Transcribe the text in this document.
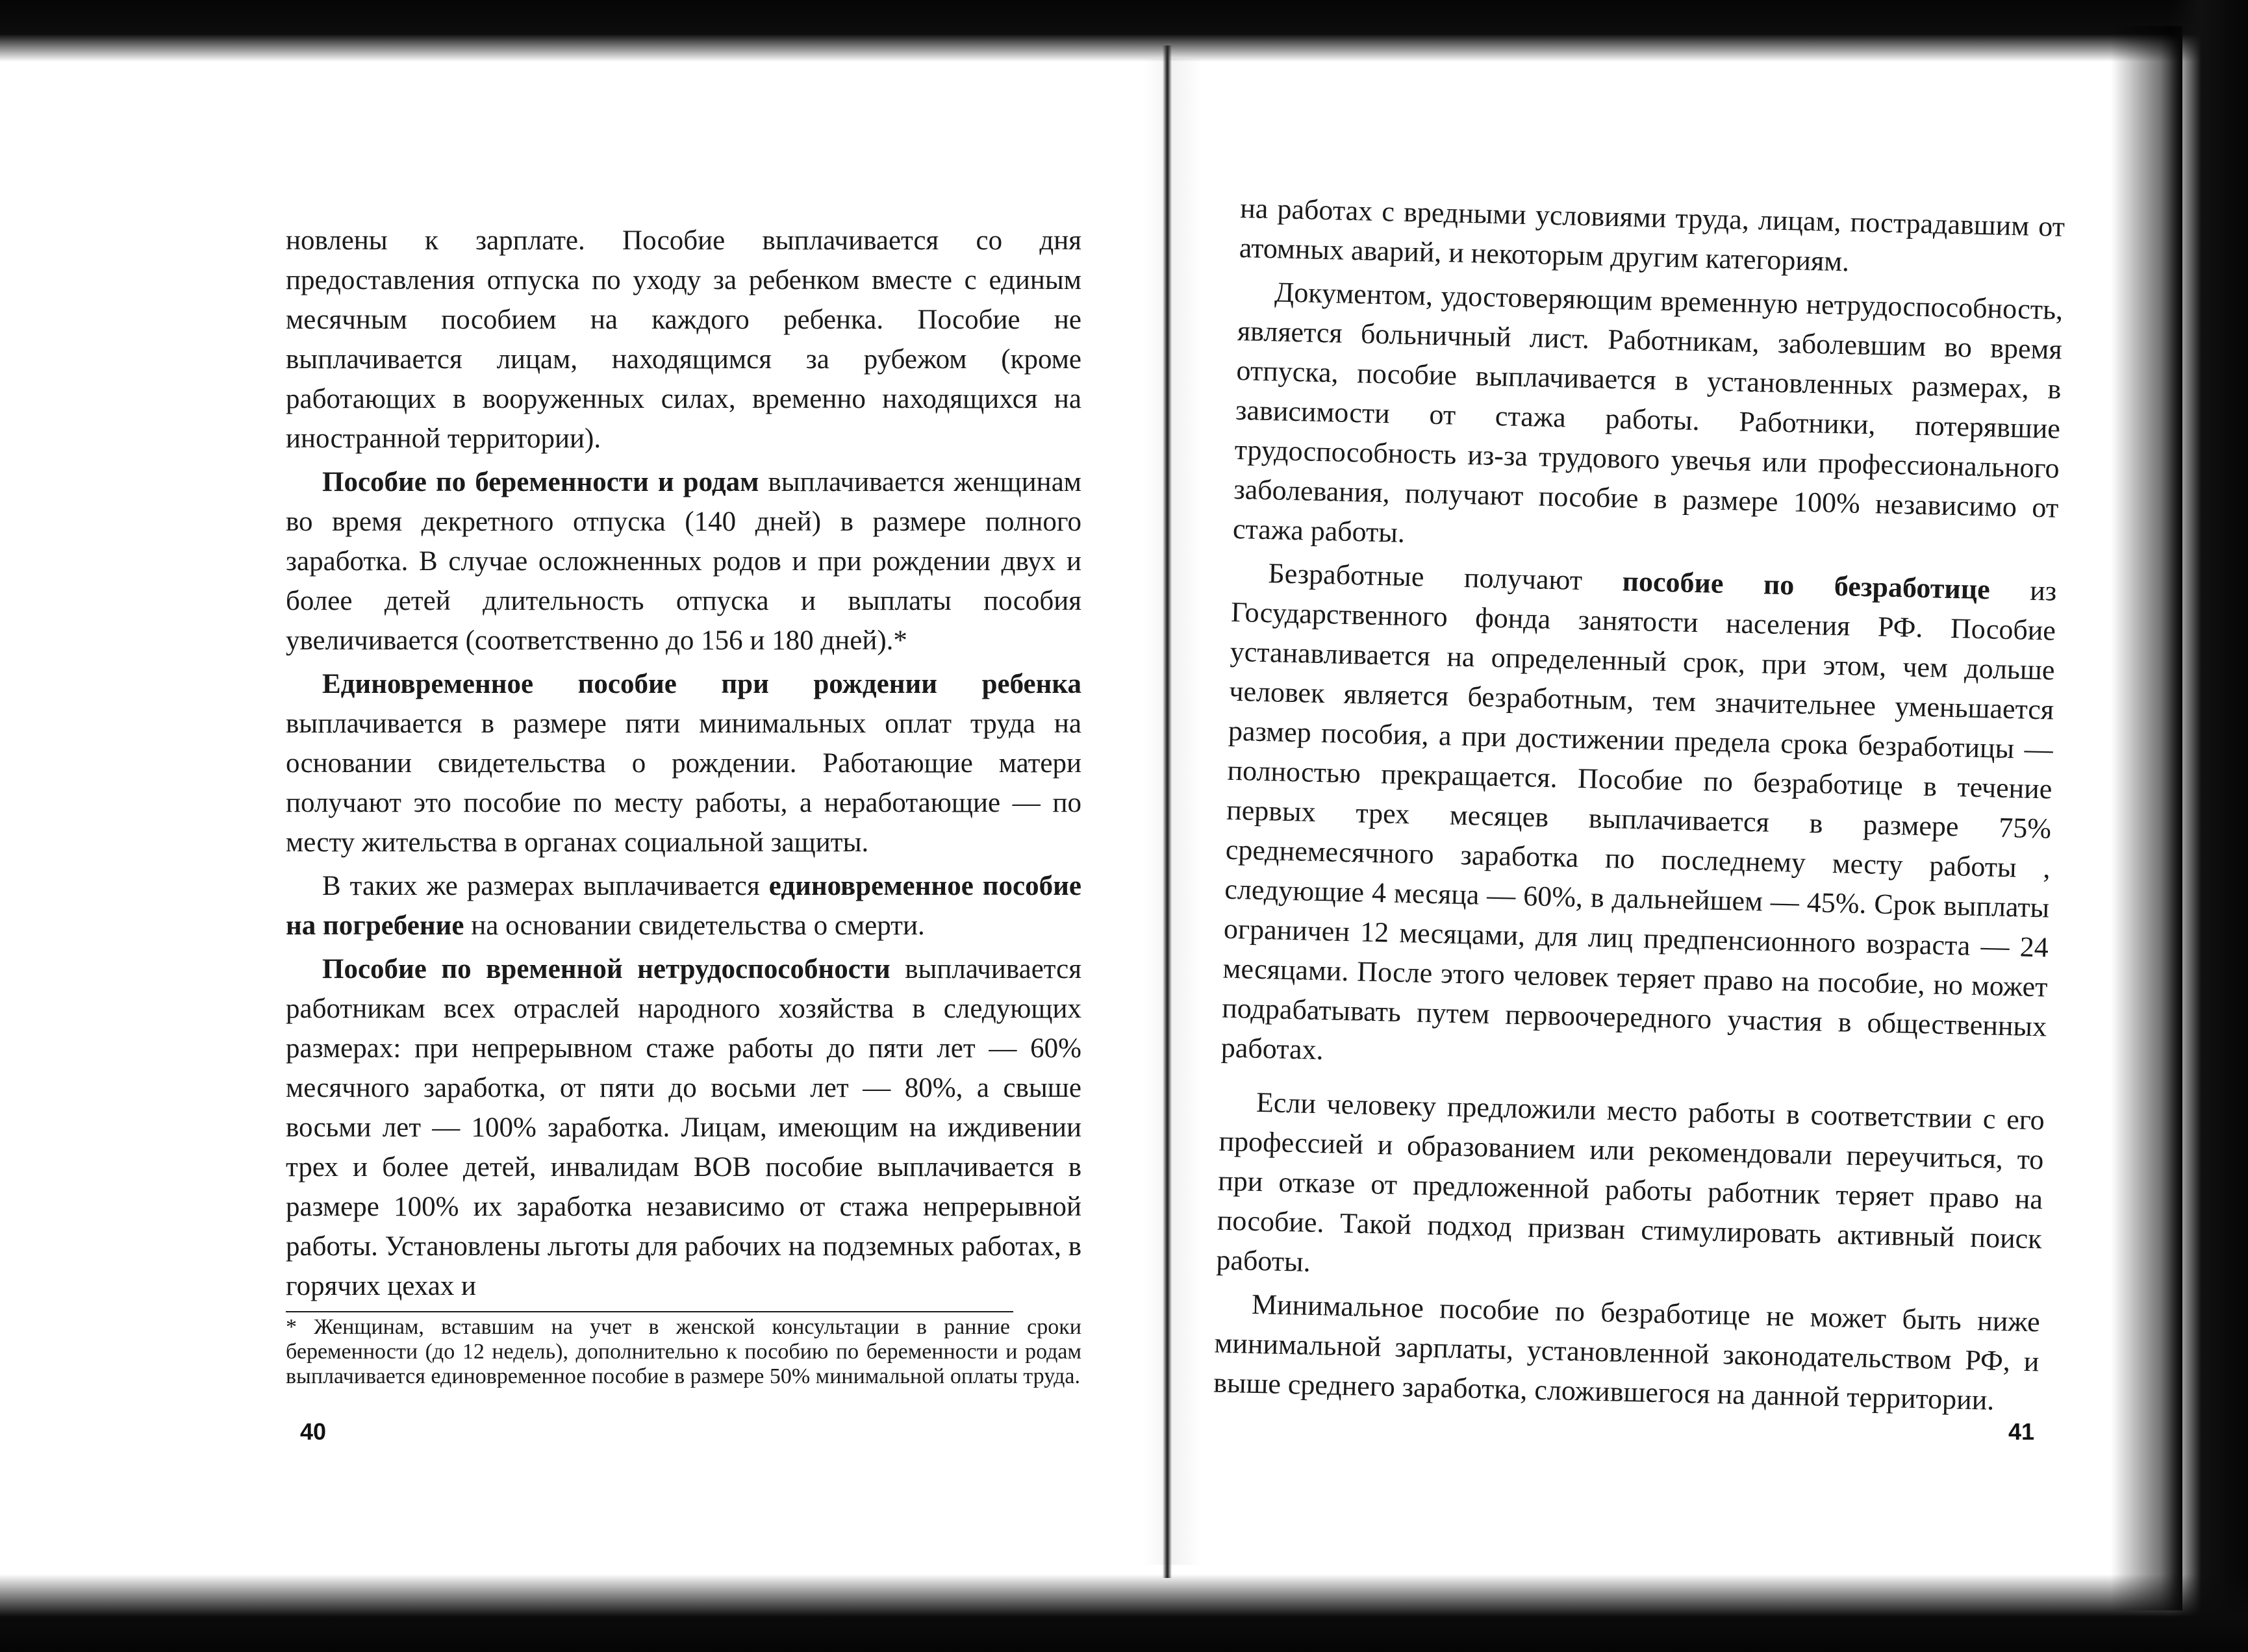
новлены к зарплате. Пособие выплачивается со дня предоставления отпуска по уходу за ребенком вместе с единым месячным пособием на каждого ребенка. Пособие не выплачивается лицам, находящимся за рубежом (кроме работающих в вооруженных силах, временно находящихся на иностранной территории).

Пособие по беременности и родам выплачивается женщинам во время декретного отпуска (140 дней) в размере полного заработка. В случае осложненных родов и при рождении двух и более детей длительность отпуска и выплаты пособия увеличивается (соответственно до 156 и 180 дней).*

Единовременное пособие при рождении ребенка выплачивается в размере пяти минимальных оплат труда на основании свидетельства о рождении. Работающие матери получают это пособие по месту работы, а неработающие — по месту жительства в органах социальной защиты.

В таких же размерах выплачивается единовременное пособие на погребение на основании свидетельства о смерти.

Пособие по временной нетрудоспособности выплачивается работникам всех отраслей народного хозяйства в следующих размерах: при непрерывном стаже работы до пяти лет — 60% месячного заработка, от пяти до восьми лет — 80%, а свыше восьми лет — 100% заработка. Лицам, имеющим на иждивении трех и более детей, инвалидам ВОВ пособие выплачивается в размере 100% их заработка независимо от стажа непрерывной работы. Установлены льготы для рабочих на подземных работах, в горячих цехах и

* Женщинам, вставшим на учет в женской консультации в ранние сроки беременности (до 12 недель), дополнительно к пособию по беременности и родам выплачивается единовременное пособие в размере 50% минимальной оплаты труда.

40

на работах с вредными условиями труда, лицам, пострадавшим от атомных аварий, и некоторым другим категориям.

Документом, удостоверяющим временную нетрудоспособность, является больничный лист. Работникам, заболевшим во время отпуска, пособие выплачивается в установленных размерах, в зависимости от стажа работы. Работники, потерявшие трудоспособность из-за трудового увечья или профессионального заболевания, получают пособие в размере 100% независимо от стажа работы.

Безработные получают пособие по безработице из Государственного фонда занятости населения РФ. Пособие устанавливается на определенный срок, при этом, чем дольше человек является безработным, тем значительнее уменьшается размер пособия, а при достижении предела срока безработицы — полностью прекращается. Пособие по безработице в течение первых трех месяцев выплачивается в размере 75% среднемесячного заработка по последнему месту работы , следующие 4 месяца — 60%, в дальнейшем — 45%. Срок выплаты ограничен 12 месяцами, для лиц предпенсионного возраста — 24 месяцами. После этого человек теряет право на пособие, но может подрабатывать путем первоочередного участия в общественных работах.

Если человеку предложили место работы в соответствии с его профессией и образованием или рекомендовали переучиться, то при отказе от предложенной работы работник теряет право на пособие. Такой подход призван стимулировать активный поиск работы.

Минимальное пособие по безработице не может быть ниже минимальной зарплаты, установленной законодательством РФ, и выше среднего заработка, сложившегося на данной территории.

41
